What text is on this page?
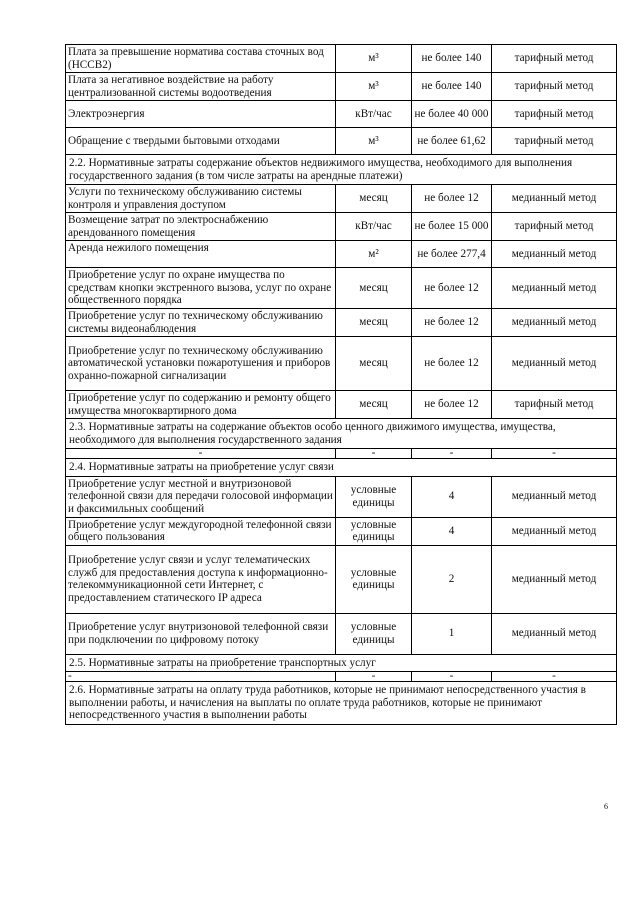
Плата за превышение норматива состава сточных вод (НССВ2)	м³	не более 140	тарифный метод
Плата за негативное воздействие на работу централизованной системы водоотведения	м³	не более 140	тарифный метод
Электроэнергия	кВт/час	не более 40 000	тарифный метод
Обращение с твердыми бытовыми отходами	м³	не более 61,62	тарифный метод
2.2. Нормативные затраты содержание объектов недвижимого имущества, необходимого для выполнения государственного задания (в том числе затраты на арендные платежи)			
Услуги по техническому обслуживанию системы контроля и управления доступом	месяц	не более 12	медианный метод
Возмещение затрат по электроснабжению арендованного помещения	кВт/час	не более 15 000	тарифный метод
Аренда нежилого помещения	м²	не более 277,4	медианный метод
Приобретение услуг по охранe имущества по средствам кнопки экстренного вызова, услуг по охране общественного порядка	месяц	не более 12	медианный метод
Приобретение услуг по техническому обслуживанию системы видеонаблюдения	месяц	не более 12	медианный метод
Приобретение услуг по техническому обслуживанию автоматической установки пожаротушения и приборов охранно-пожарной сигнализации	месяц	не более 12	медианный метод
Приобретение услуг по содержанию и ремонту общего имущества многоквартирного дома	месяц	не более 12	тарифный метод
2.3. Нормативные затраты на содержание объектов особо ценного движимого имущества, имущества, необходимого для выполнения государственного задания			
-	-	-	-
2.4. Нормативные затраты на приобретение услуг связи			
Приобретение услуг местной и внутризоновой телефонной связи для передачи голосовой информации и факсимильных сообщений	условные единицы	4	медианный метод
Приобретение услуг междугородной телефонной связи общего пользования	условные единицы	4	медианный метод
Приобретение услуг связи и услуг телематических служб для предоставления доступа к информационно-телекоммуникационной сети Интернет, с предоставлением статического IP адреса	условные единицы	2	медианный метод
Приобретение услуг внутризоновой телефонной связи при подключении по цифровому потоку	условные единицы	1	медианный метод
2.5. Нормативные затраты на приобретение транспортных услуг			
-	-	-	-
2.6. Нормативные затраты на оплату труда работников, которые не принимают непосредственного участия в выполнении работы, и начисления на выплаты по оплате труда работников, которые не принимают непосредственного участия в выполнении работы			
6
